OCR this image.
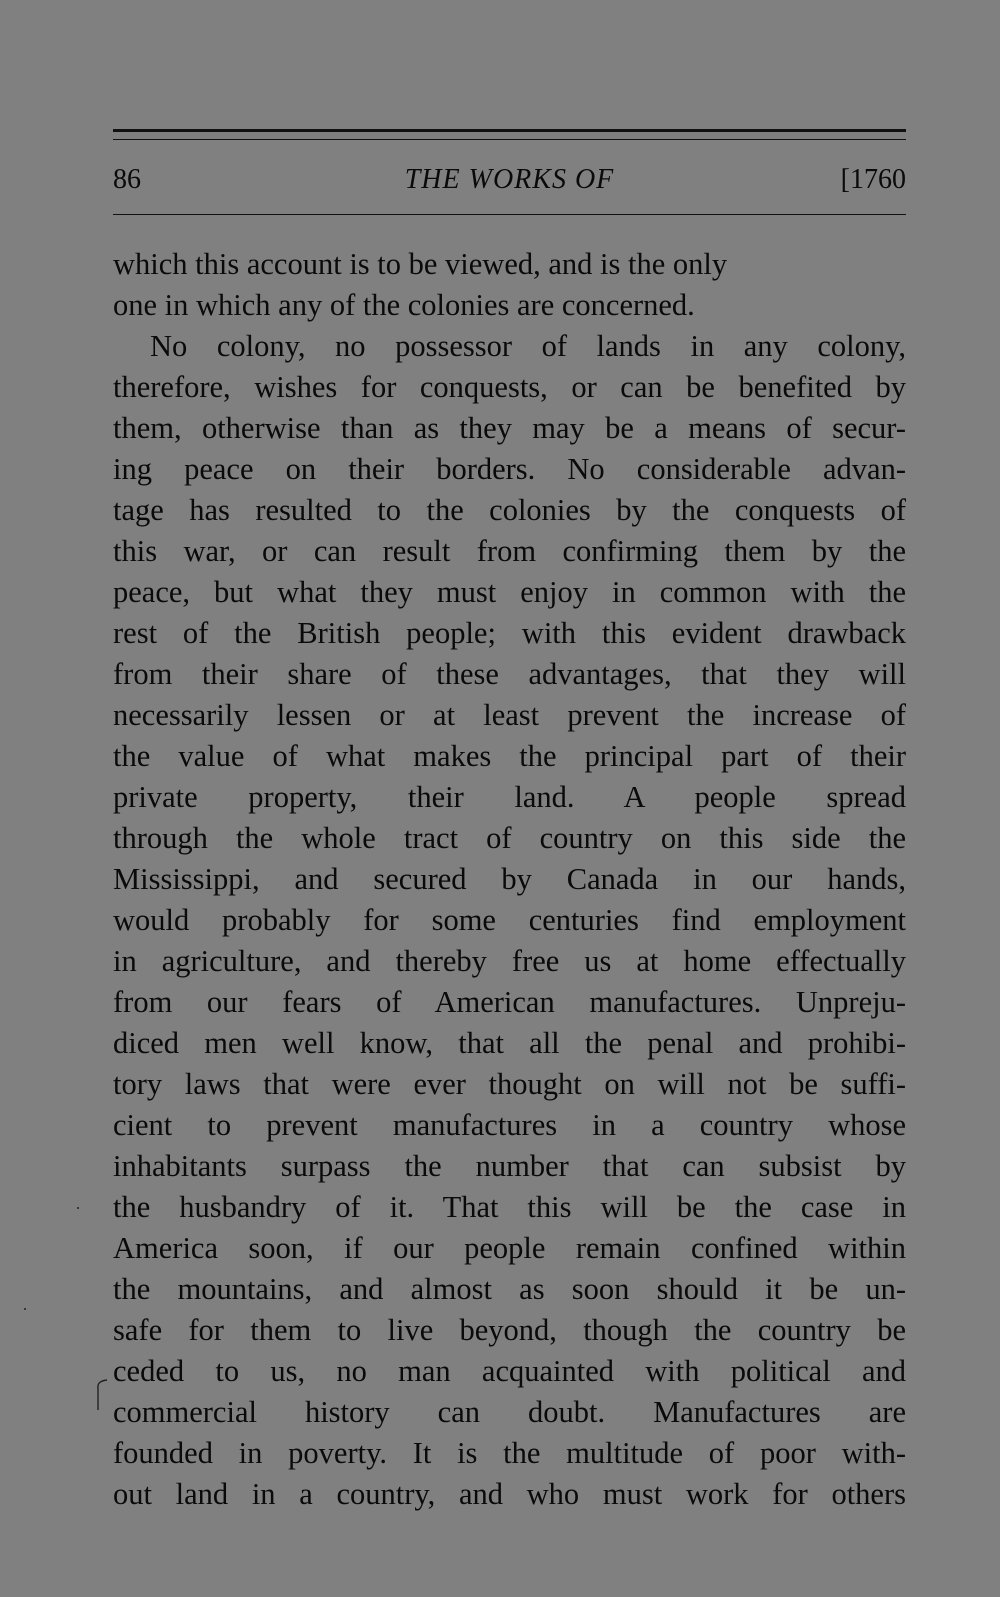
86	THE WORKS OF	[1760
which this account is to be viewed, and is the only
one in which any of the colonies are concerned.
No colony, no possessor of lands in any colony,
therefore, wishes for conquests, or can be benefited by
them, otherwise than as they may be a means of secur-
ing peace on their borders. No considerable advan-
tage has resulted to the colonies by the conquests of
this war, or can result from confirming them by the
peace, but what they must enjoy in common with the
rest of the British people; with this evident drawback
from their share of these advantages, that they will
necessarily lessen or at least prevent the increase of
the value of what makes the principal part of their
private property, their land. A people spread
through the whole tract of country on this side the
Mississippi, and secured by Canada in our hands,
would probably for some centuries find employment
in agriculture, and thereby free us at home effectually
from our fears of American manufactures. Unpreju-
diced men well know, that all the penal and prohibi-
tory laws that were ever thought on will not be suffi-
cient to prevent manufactures in a country whose
inhabitants surpass the number that can subsist by
the husbandry of it. That this will be the case in
America soon, if our people remain confined within
the mountains, and almost as soon should it be un-
safe for them to live beyond, though the country be
ceded to us, no man acquainted with political and
commercial history can doubt. Manufactures are
founded in poverty. It is the multitude of poor with-
out land in a country, and who must work for others
